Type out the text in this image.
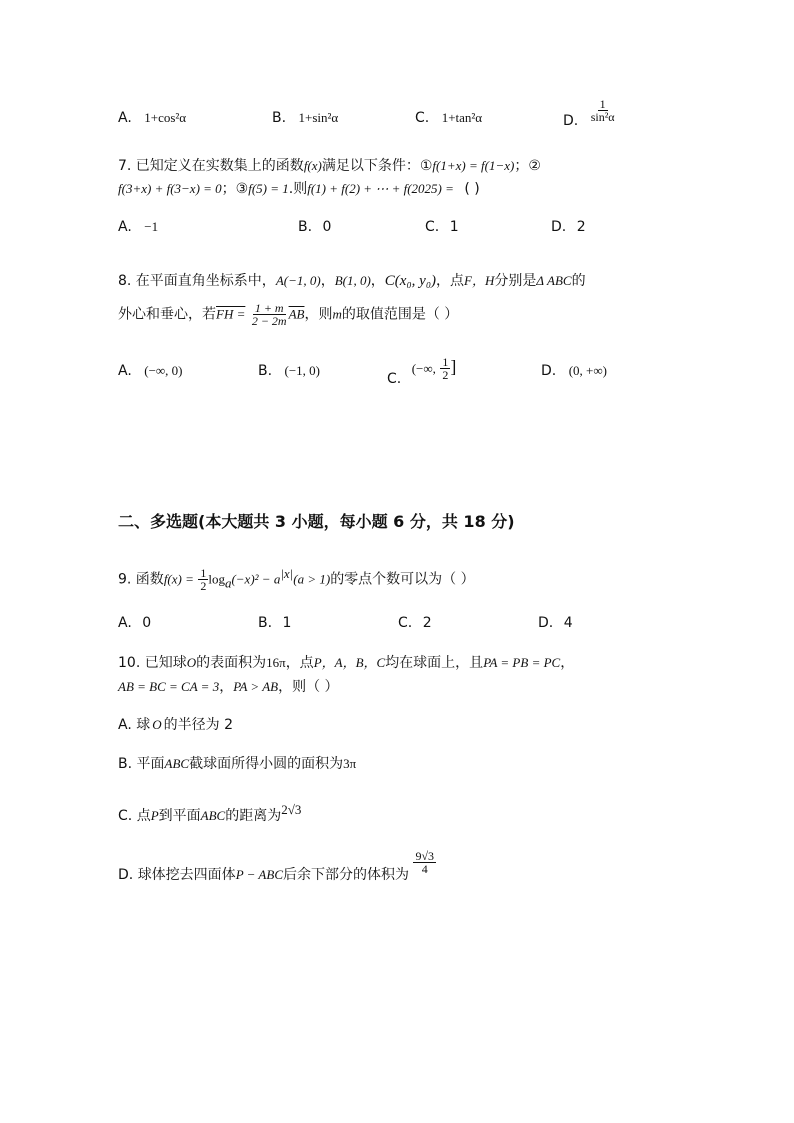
A. 1+cos²α	B. 1+sin²α	C. 1+tan²α	D. $\frac{1}{\text{sin²α}}$
7. 已知定义在实数集上的函数f(x)满足以下条件：①f(1+x) = f(1−x)；②
f(3+x) + f(3−x) = 0；③f(5) = 1.则f(1) + f(2) + ⋯ + f(2025) = ( )
A. −1	B. 0	C. 1	D. 2
8. 在平面直角坐标系中，A(−1, 0)，B(1, 0)，C(x₀, y₀)，点F，H分别是Δ ABC的
外心和垂心，若FH = $\frac{1 + m}{2 - 2m} \overline{AB}$，则m的取值范围是（ ）
A. (−∞, 0)	B. (−1, 0)	C. (−∞, $\frac{1}{2}$ ]	D. (0, +∞)
二、多选题(本大题共 3 小题，每小题 6 分，共 18 分)
9. 函数$f(x) = \frac{1}{2} \log_a(-x)^2 - a^{|x|}(a > 1)$的零点个数可以为（ ）
A. 0	B. 1	C. 2	D. 4
10. 已知球O的表面积为16π，点P，A，B，C均在球面上，且PA = PB = PC，
AB = BC = CA = 3，PA > AB，则（ ）
A. 球 O 的半径为 2
B. 平面ABC截球面所得小圆的面积为3π
C. 点P到平面ABC的距离为2√3
D. 球体挖去四面体P − ABC后余下部分的体积为 $\frac{9√3}{4}$
